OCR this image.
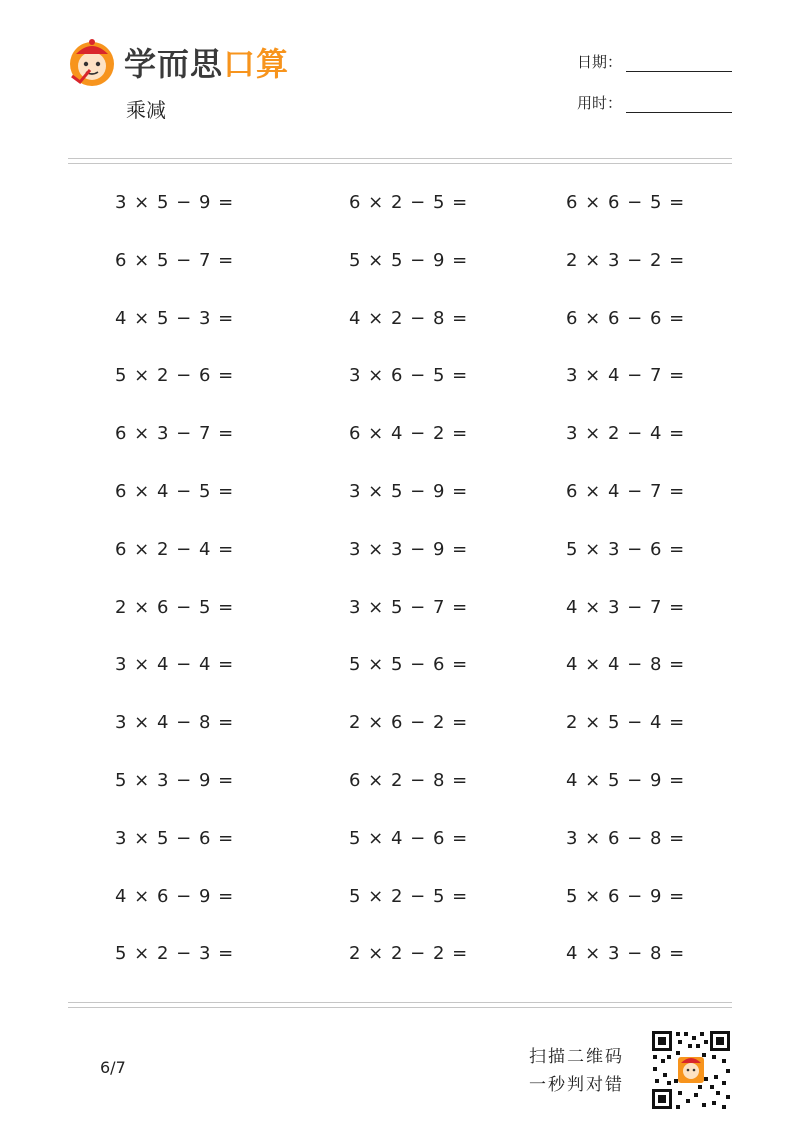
学而思口算
乘减
日期：
用时：
3 × 5 − 9 =	6 × 2 − 5 =	6 × 6 − 5 =
6 × 5 − 7 =	5 × 5 − 9 =	2 × 3 − 2 =
4 × 5 − 3 =	4 × 2 − 8 =	6 × 6 − 6 =
5 × 2 − 6 =	3 × 6 − 5 =	3 × 4 − 7 =
6 × 3 − 7 =	6 × 4 − 2 =	3 × 2 − 4 =
6 × 4 − 5 =	3 × 5 − 9 =	6 × 4 − 7 =
6 × 2 − 4 =	3 × 3 − 9 =	5 × 3 − 6 =
2 × 6 − 5 =	3 × 5 − 7 =	4 × 3 − 7 =
3 × 4 − 4 =	5 × 5 − 6 =	4 × 4 − 8 =
3 × 4 − 8 =	2 × 6 − 2 =	2 × 5 − 4 =
5 × 3 − 9 =	6 × 2 − 8 =	4 × 5 − 9 =
3 × 5 − 6 =	5 × 4 − 6 =	3 × 6 − 8 =
4 × 6 − 9 =	5 × 2 − 5 =	5 × 6 − 9 =
5 × 2 − 3 =	2 × 2 − 2 =	4 × 3 − 8 =
6/7
扫描二维码
一秒判对错
